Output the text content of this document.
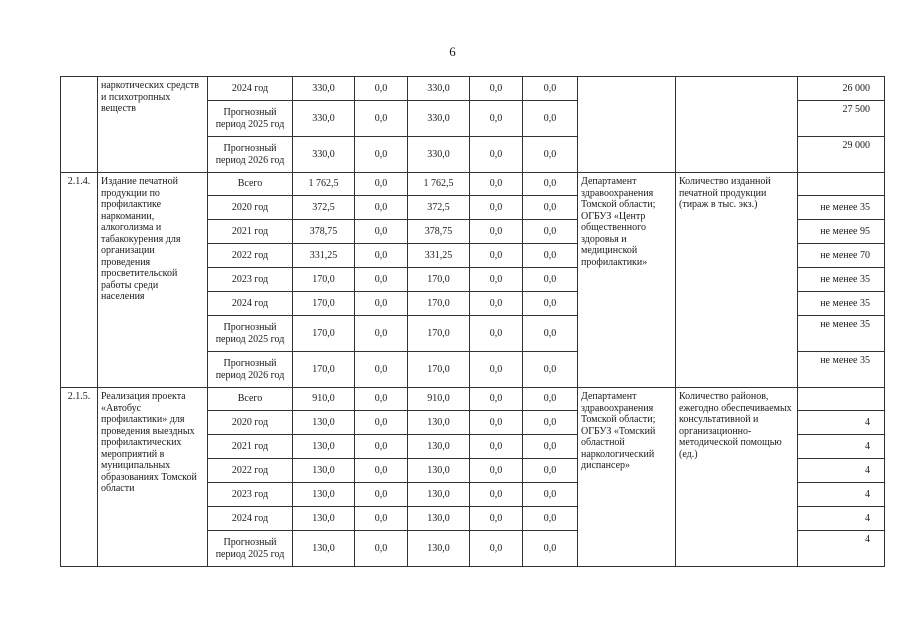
6
	наркотических средств и психотропных веществ	2024 год	330,0	0,0	330,0	0,0	0,0			26 000
		Прогнозный период 2025 год	330,0	0,0	330,0	0,0	0,0			27 500
		Прогнозный период 2026 год	330,0	0,0	330,0	0,0	0,0			29 000
2.1.4.	Издание печатной продукции по профилактике наркомании, алкоголизма и табакокурения для организации проведения просветительской работы среди населения	Всего	1 762,5	0,0	1 762,5	0,0	0,0	Департамент здравоохранения Томской области; ОГБУЗ «Центр общественного здоровья и медицинской профилактики»	Количество изданной печатной продукции (тираж в тыс. экз.)	
		2020 год	372,5	0,0	372,5	0,0	0,0			не менее 35
		2021 год	378,75	0,0	378,75	0,0	0,0			не менее 95
		2022 год	331,25	0,0	331,25	0,0	0,0			не менее 70
		2023 год	170,0	0,0	170,0	0,0	0,0			не менее 35
		2024 год	170,0	0,0	170,0	0,0	0,0			не менее 35
		Прогнозный период 2025 год	170,0	0,0	170,0	0,0	0,0			не менее 35
		Прогнозный период 2026 год	170,0	0,0	170,0	0,0	0,0			не менее 35
2.1.5.	Реализация проекта «Автобус профилактики» для проведения выездных профилактических мероприятий в муниципальных образованиях Томской области	Всего	910,0	0,0	910,0	0,0	0,0	Департамент здравоохранения Томской области; ОГБУЗ «Томский областной наркологический диспансер»	Количество районов, ежегодно обеспечиваемых консультативной и организационно-методической помощью (ед.)	
		2020 год	130,0	0,0	130,0	0,0	0,0			4
		2021 год	130,0	0,0	130,0	0,0	0,0			4
		2022 год	130,0	0,0	130,0	0,0	0,0			4
		2023 год	130,0	0,0	130,0	0,0	0,0			4
		2024 год	130,0	0,0	130,0	0,0	0,0			4
		Прогнозный период 2025 год	130,0	0,0	130,0	0,0	0,0			4
